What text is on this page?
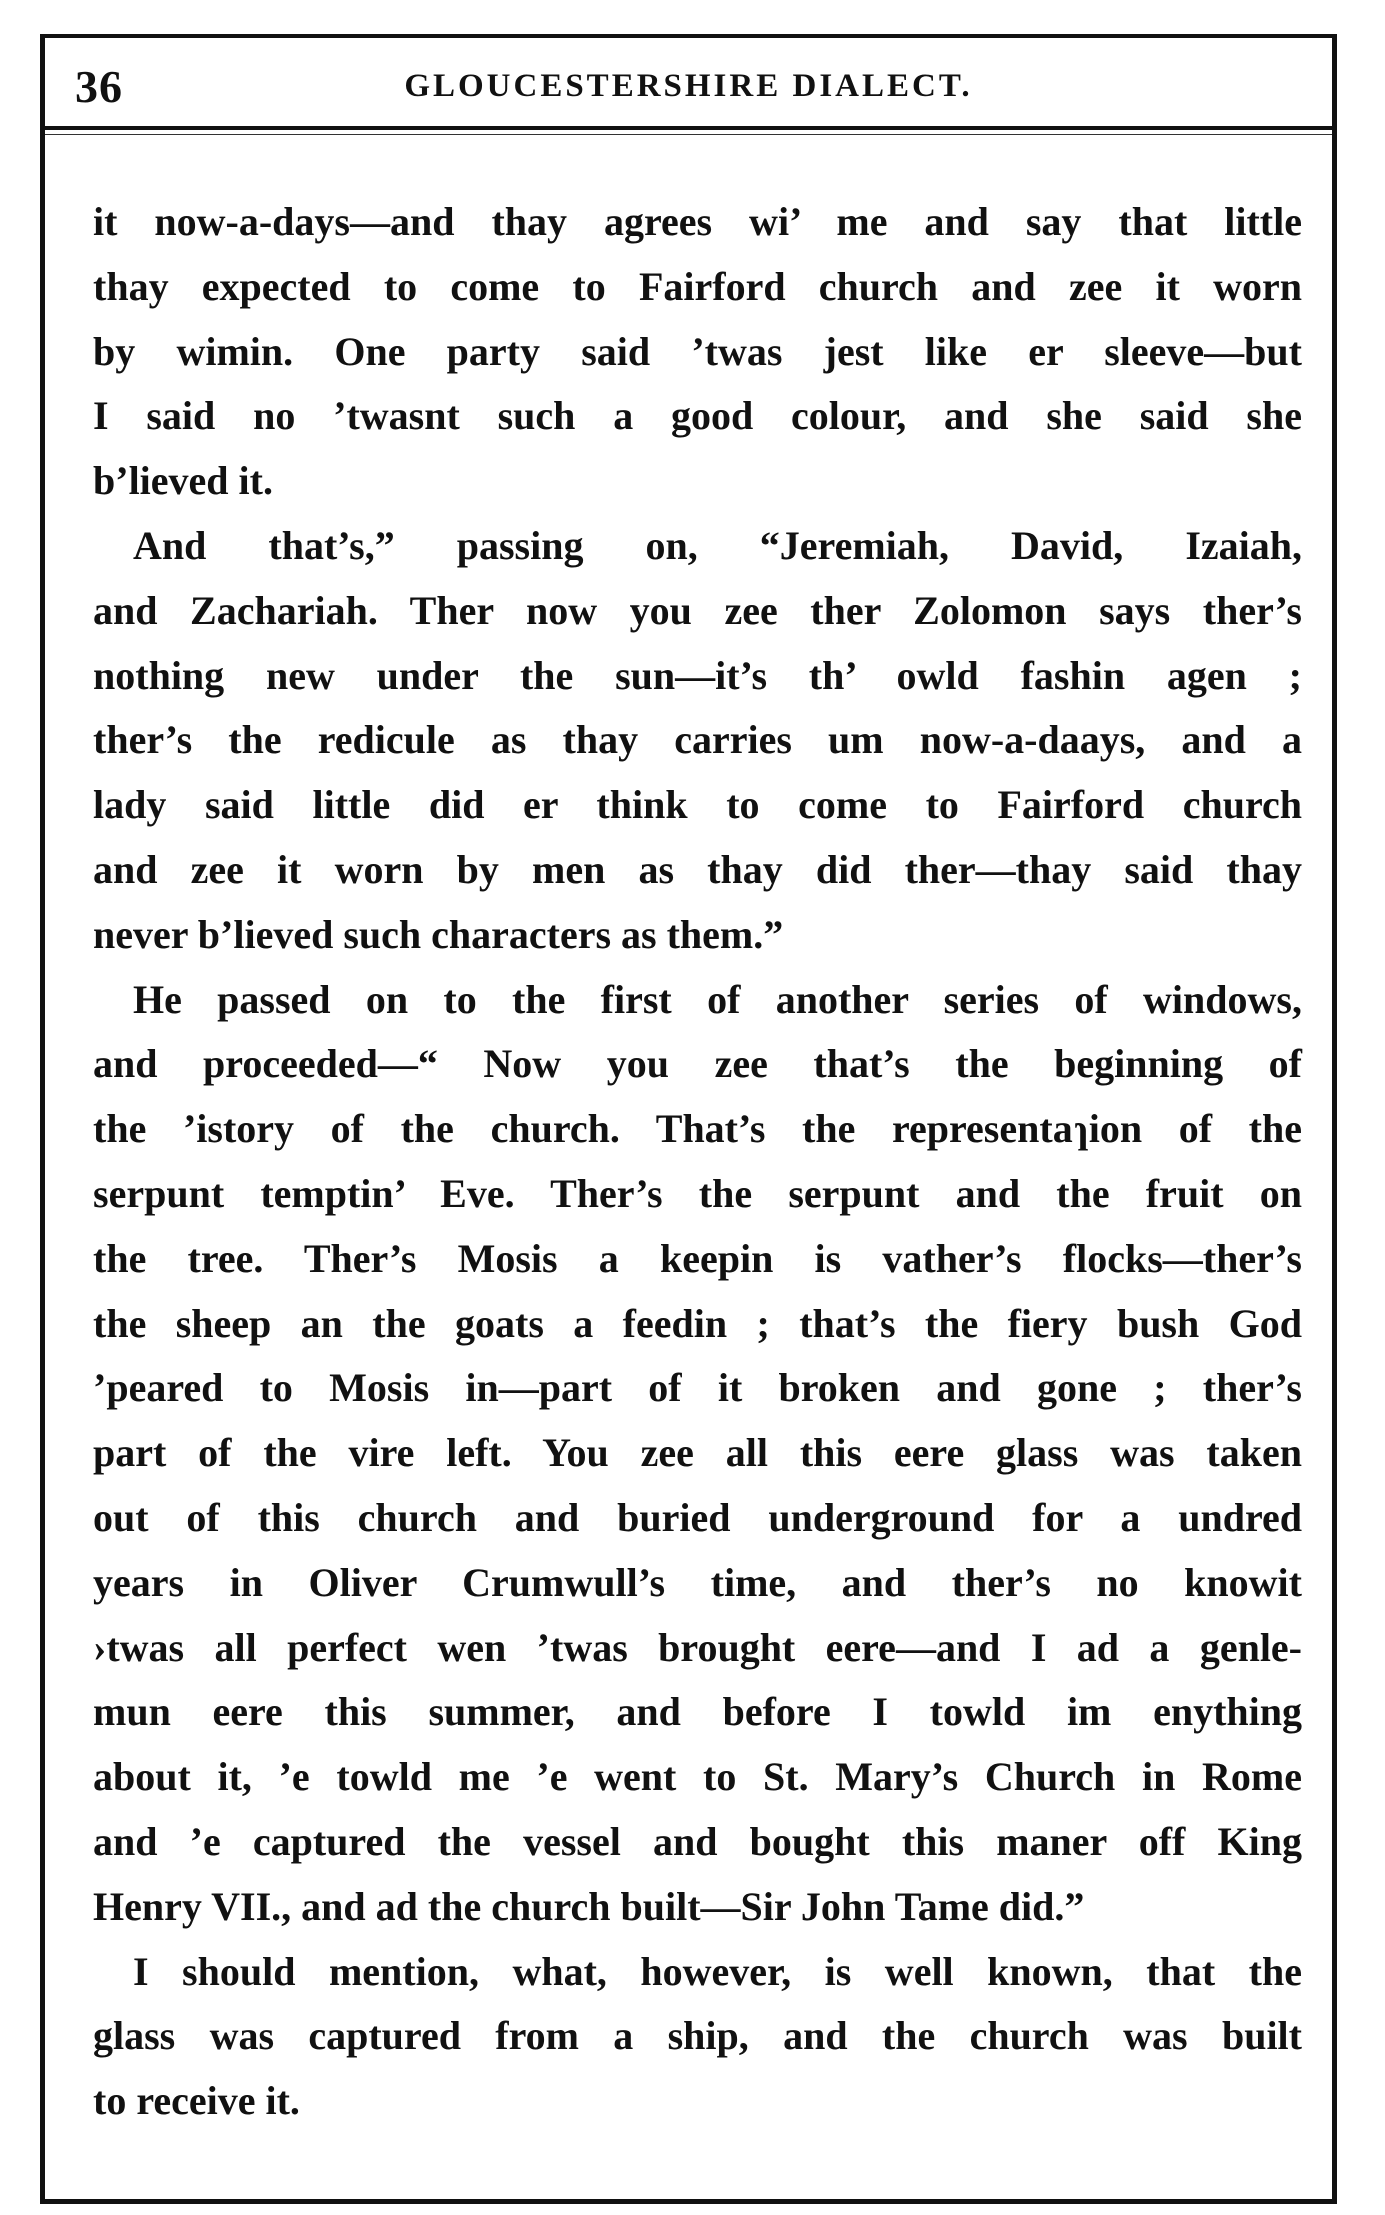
36	GLOUCESTERSHIRE DIALECT.

it now-a-days—and thay agrees wi’ me and say that little
thay expected to come to Fairford church and zee it worn
by wimin. One party said ’twas jest like er sleeve—but
I said no ’twasnt such a good colour, and she said she
b’lieved it.

And that’s,” passing on, “Jeremiah, David, Izaiah,
and Zachariah. Ther now you zee ther Zolomon says ther’s
nothing new under the sun—it’s th’ owld fashin agen ;
ther’s the redicule as thay carries um now-a-daays, and a
lady said little did er think to come to Fairford church
and zee it worn by men as thay did ther—thay said thay
never b’lieved such characters as them.”

He passed on to the first of another series of windows,
and proceeded—“ Now you zee that’s the beginning of
the ’istory of the church. That’s the representaɿion of the
serpunt temptin’ Eve. Ther’s the serpunt and the fruit on
the tree. Ther’s Mosis a keepin is vather’s flocks—ther’s
the sheep an the goats a feedin ; that’s the fiery bush God
’peared to Mosis in—part of it broken and gone ; ther’s
part of the vire left. You zee all this eere glass was taken
out of this church and buried underground for a undred
years in Oliver Crumwull’s time, and ther’s no knowit
›twas all perfect wen ’twas brought eere—and I ad a genle-
mun eere this summer, and before I towld im enything
about it, ’e towld me ’e went to St. Mary’s Church in Rome
and ’e captured the vessel and bought this maner off King
Henry VII., and ad the church built—Sir John Tame did.”

I should mention, what, however, is well known, that the
glass was captured from a ship, and the church was built
to receive it.
